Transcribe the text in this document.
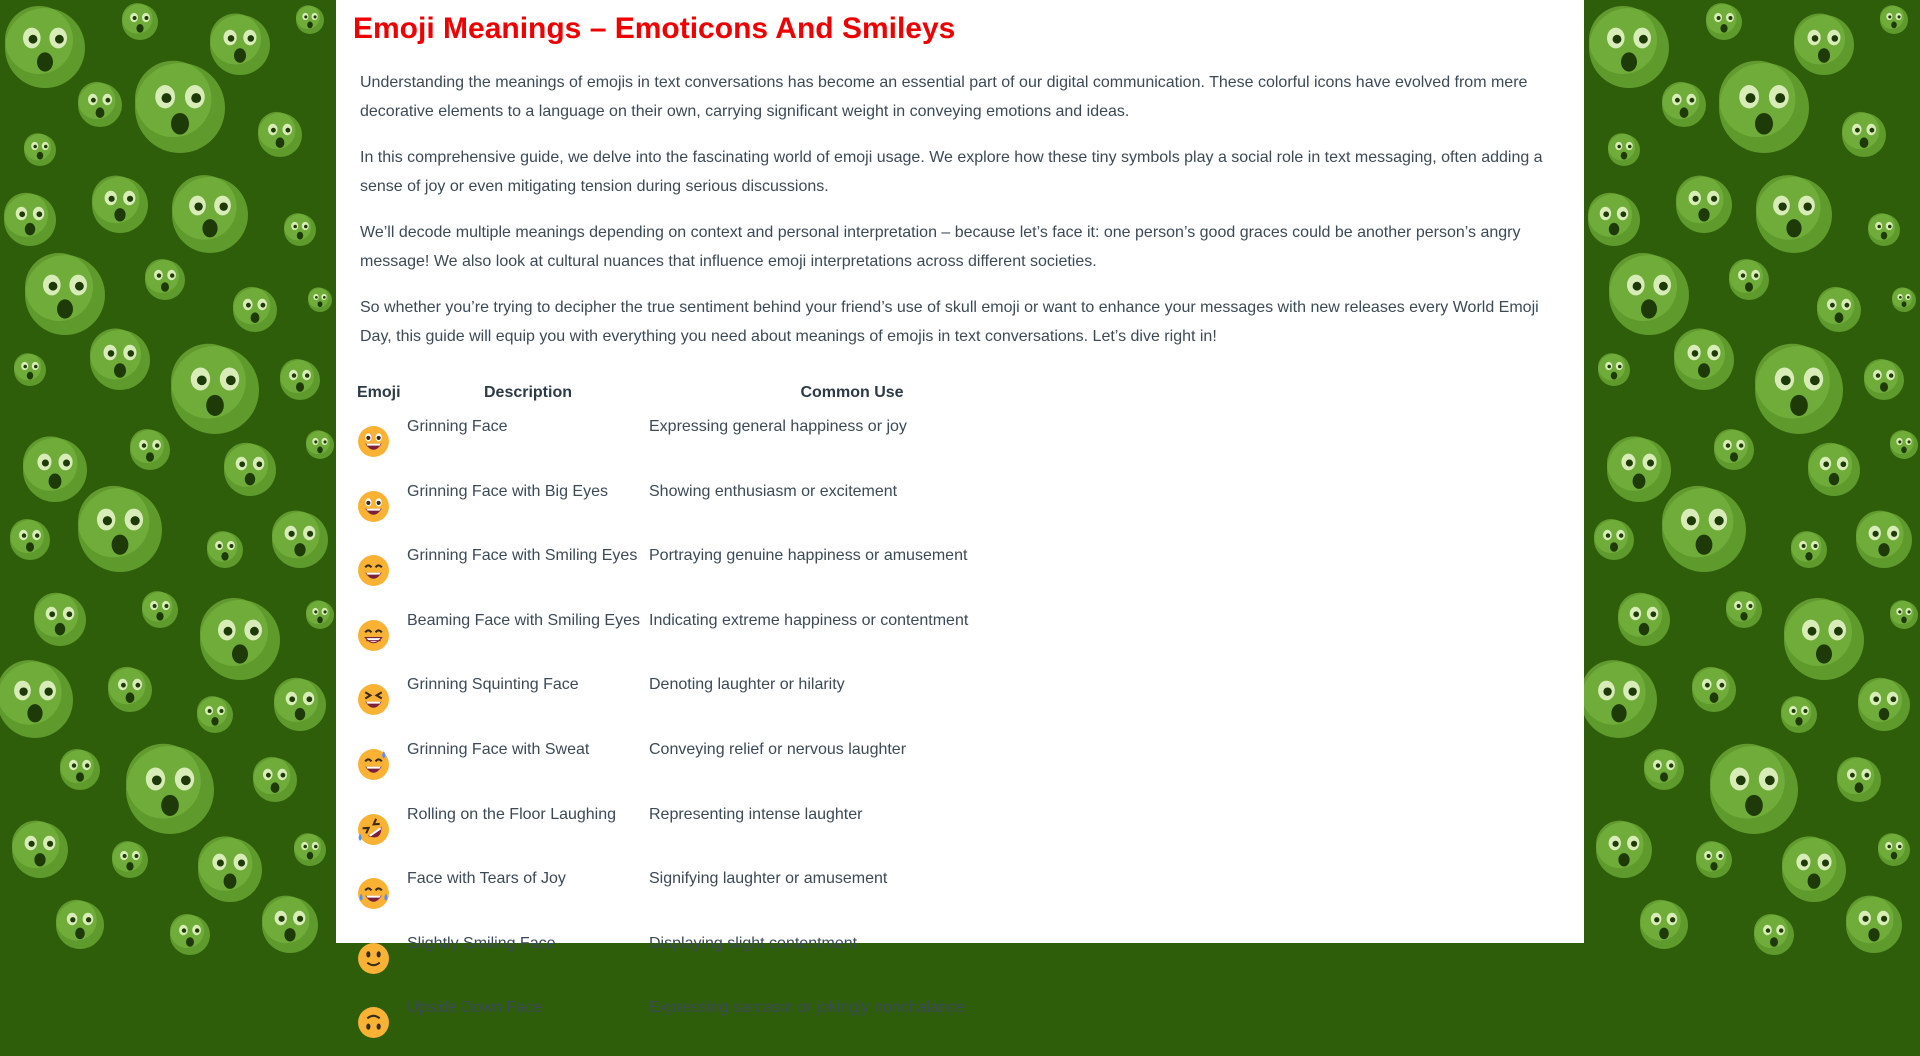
Emoji Meanings – Emoticons And Smileys

Understanding the meanings of emojis in text conversations has become an essential part of our digital communication. These colorful icons have evolved from mere decorative elements to a language on their own, carrying significant weight in conveying emotions and ideas.

In this comprehensive guide, we delve into the fascinating world of emoji usage. We explore how these tiny symbols play a social role in text messaging, often adding a sense of joy or even mitigating tension during serious discussions.

We’ll decode multiple meanings depending on context and personal interpretation – because let’s face it: one person’s good graces could be another person’s angry message! We also look at cultural nuances that influence emoji interpretations across different societies.

So whether you’re trying to decipher the true sentiment behind your friend’s use of skull emoji or want to enhance your messages with new releases every World Emoji Day, this guide will equip you with everything you need about meanings of emojis in text conversations. Let’s dive right in!

Emoji	Description	Common Use
	Grinning Face	Expressing general happiness or joy
	Grinning Face with Big Eyes	Showing enthusiasm or excitement
	Grinning Face with Smiling Eyes	Portraying genuine happiness or amusement
	Beaming Face with Smiling Eyes	Indicating extreme happiness or contentment
	Grinning Squinting Face	Denoting laughter or hilarity
	Grinning Face with Sweat	Conveying relief or nervous laughter
	Rolling on the Floor Laughing	Representing intense laughter
	Face with Tears of Joy	Signifying laughter or amusement
	Slightly Smiling Face	Displaying slight contentment
	Upside Down Face	Expressing sarcasm or jokingly nonchalance
